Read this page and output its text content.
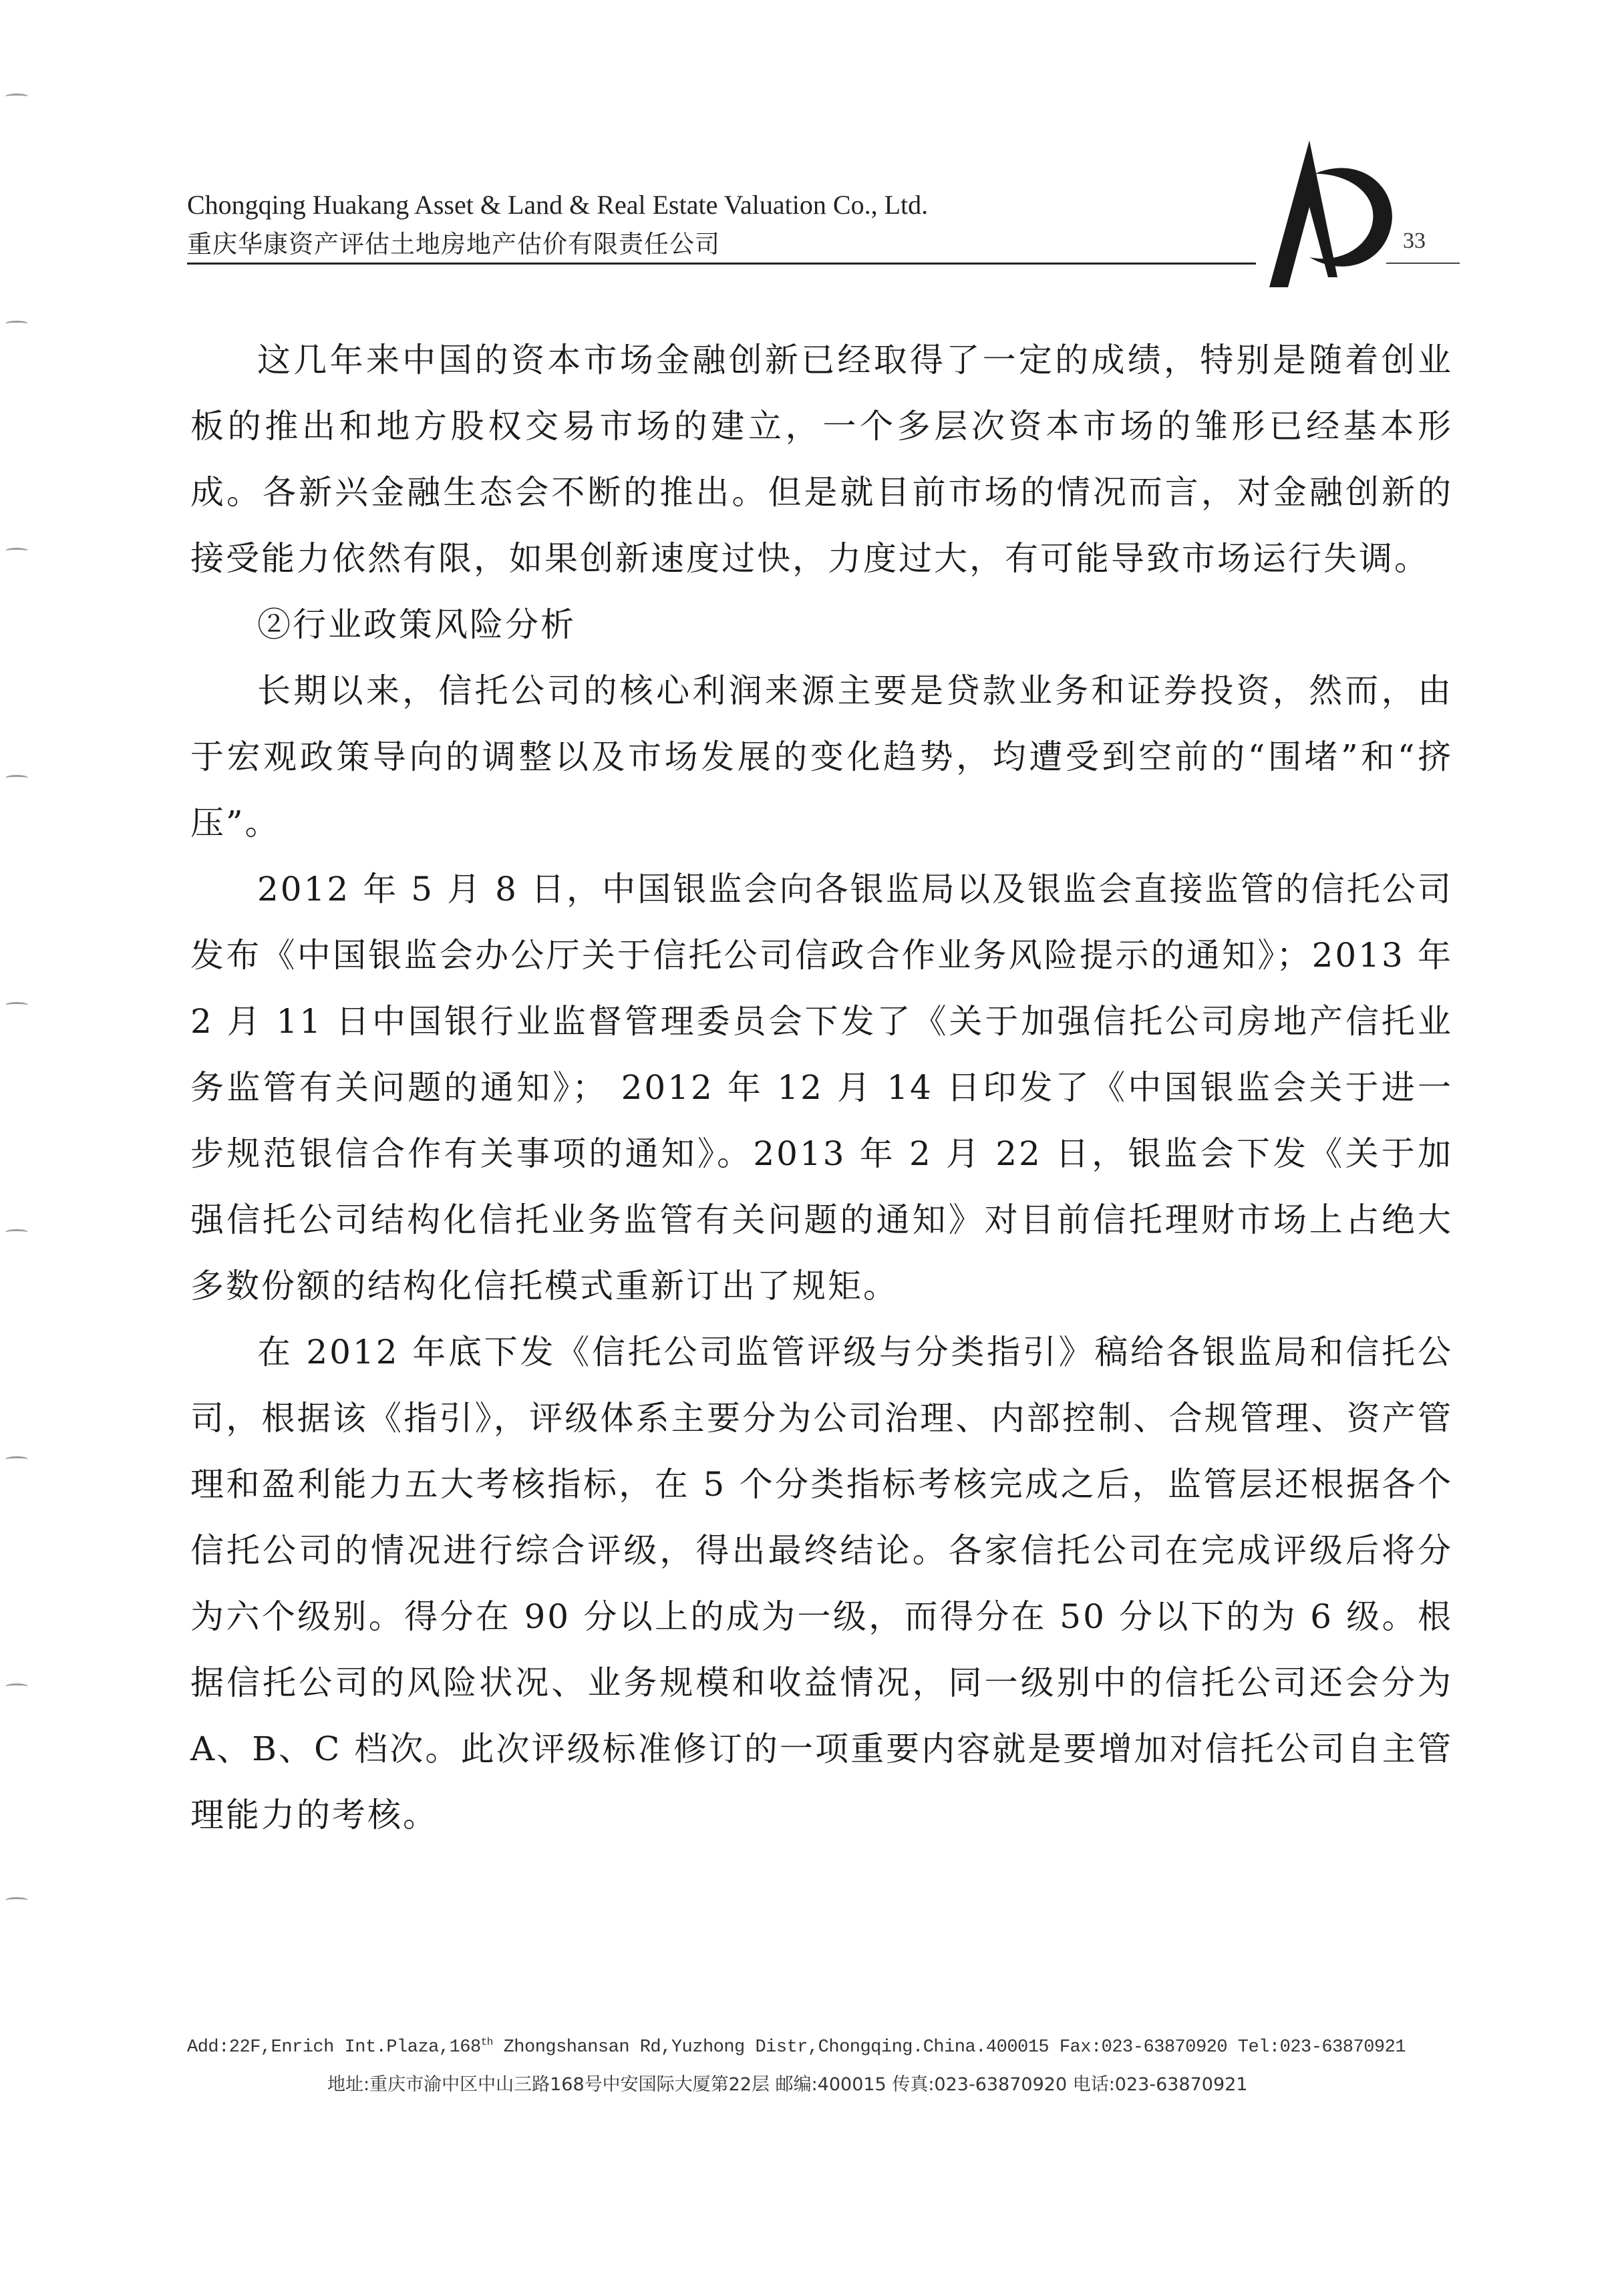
Chongqing Huakang Asset & Land & Real Estate Valuation Co., Ltd.
重庆华康资产评估土地房地产估价有限责任公司	33

这几年来中国的资本市场金融创新已经取得了一定的成绩，特别是随着创业板的推出和地方股权交易市场的建立，一个多层次资本市场的雏形已经基本形成。各新兴金融生态会不断的推出。但是就目前市场的情况而言，对金融创新的接受能力依然有限，如果创新速度过快，力度过大，有可能导致市场运行失调。

②行业政策风险分析

长期以来，信托公司的核心利润来源主要是贷款业务和证券投资，然而，由于宏观政策导向的调整以及市场发展的变化趋势，均遭受到空前的“围堵”和“挤压”。

2012 年 5 月 8 日，中国银监会向各银监局以及银监会直接监管的信托公司发布《中国银监会办公厅关于信托公司信政合作业务风险提示的通知》；2013 年 2 月 11 日中国银行业监督管理委员会下发了《关于加强信托公司房地产信托业务监管有关问题的通知》； 2012 年 12 月 14 日印发了《中国银监会关于进一步规范银信合作有关事项的通知》。2013 年 2 月 22 日，银监会下发《关于加强信托公司结构化信托业务监管有关问题的通知》对目前信托理财市场上占绝大多数份额的结构化信托模式重新订出了规矩。

在 2012 年底下发《信托公司监管评级与分类指引》稿给各银监局和信托公司，根据该《指引》，评级体系主要分为公司治理、内部控制、合规管理、资产管理和盈利能力五大考核指标，在 5 个分类指标考核完成之后，监管层还根据各个信托公司的情况进行综合评级，得出最终结论。各家信托公司在完成评级后将分为六个级别。得分在 90 分以上的成为一级，而得分在 50 分以下的为 6 级。根据信托公司的风险状况、业务规模和收益情况，同一级别中的信托公司还会分为 A、B、C 档次。此次评级标准修订的一项重要内容就是要增加对信托公司自主管理能力的考核。

Add:22F,Enrich Int.Plaza,168th Zhongshansan Rd,Yuzhong Distr,Chongqing.China.400015 Fax:023-63870920 Tel:023-63870921
地址:重庆市渝中区中山三路168号中安国际大厦第22层 邮编:400015 传真:023-63870920 电话:023-63870921
